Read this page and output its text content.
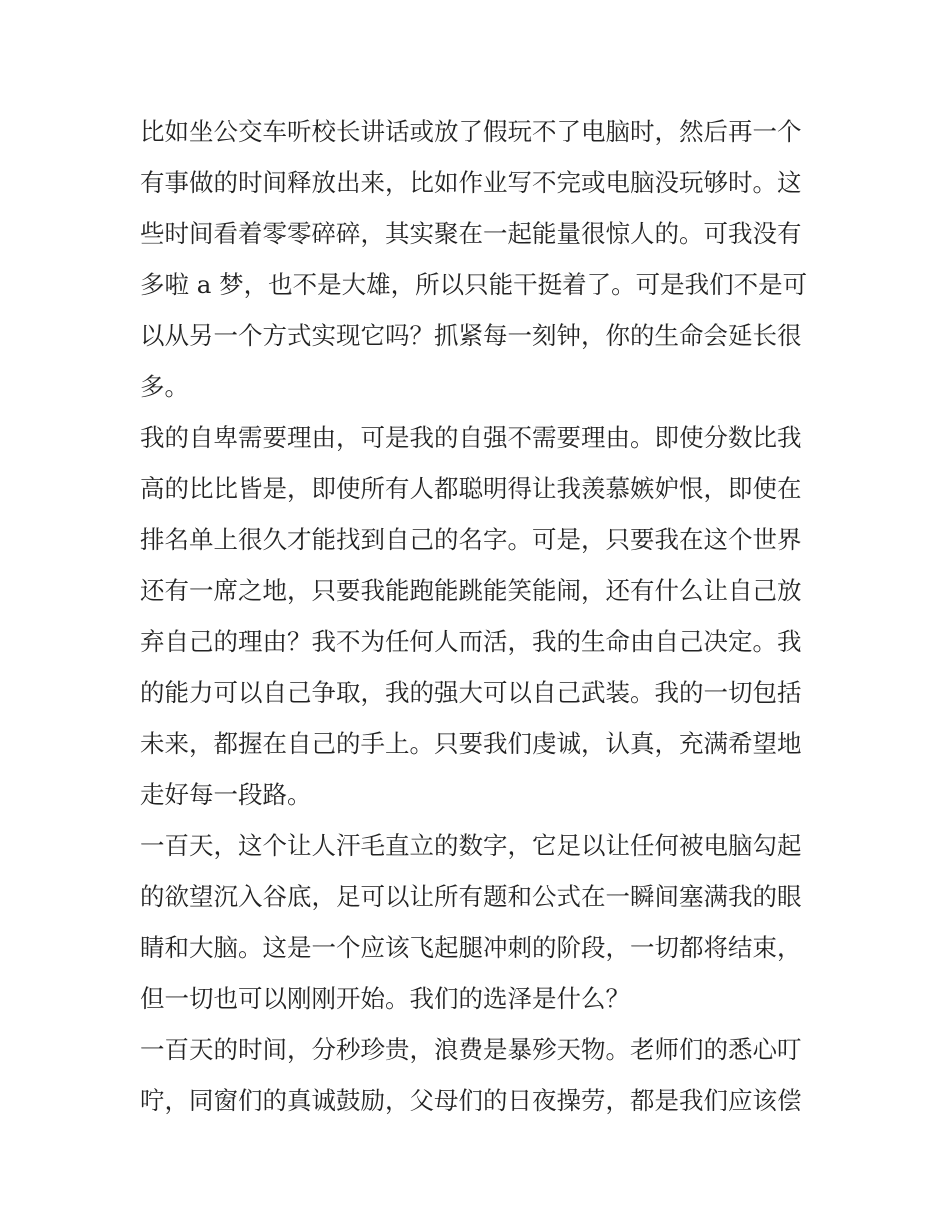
比如坐公交车听校长讲话或放了假玩不了电脑时，然后再一个
有事做的时间释放出来，比如作业写不完或电脑没玩够时。这
些时间看着零零碎碎，其实聚在一起能量很惊人的。可我没有
多啦 a 梦，也不是大雄，所以只能干挺着了。可是我们不是可
以从另一个方式实现它吗？抓紧每一刻钟，你的生命会延长很
多。
我的自卑需要理由，可是我的自强不需要理由。即使分数比我
高的比比皆是，即使所有人都聪明得让我羡慕嫉妒恨，即使在
排名单上很久才能找到自己的名字。可是，只要我在这个世界
还有一席之地，只要我能跑能跳能笑能闹，还有什么让自己放
弃自己的理由？我不为任何人而活，我的生命由自己决定。我
的能力可以自己争取，我的强大可以自己武装。我的一切包括
未来，都握在自己的手上。只要我们虔诚，认真，充满希望地
走好每一段路。
一百天，这个让人汗毛直立的数字，它足以让任何被电脑勾起
的欲望沉入谷底，足可以让所有题和公式在一瞬间塞满我的眼
睛和大脑。这是一个应该飞起腿冲刺的阶段，一切都将结束，
但一切也可以刚刚开始。我们的选泽是什么？
一百天的时间，分秒珍贵，浪费是暴殄天物。老师们的悉心叮
咛，同窗们的真诚鼓励，父母们的日夜操劳，都是我们应该偿
